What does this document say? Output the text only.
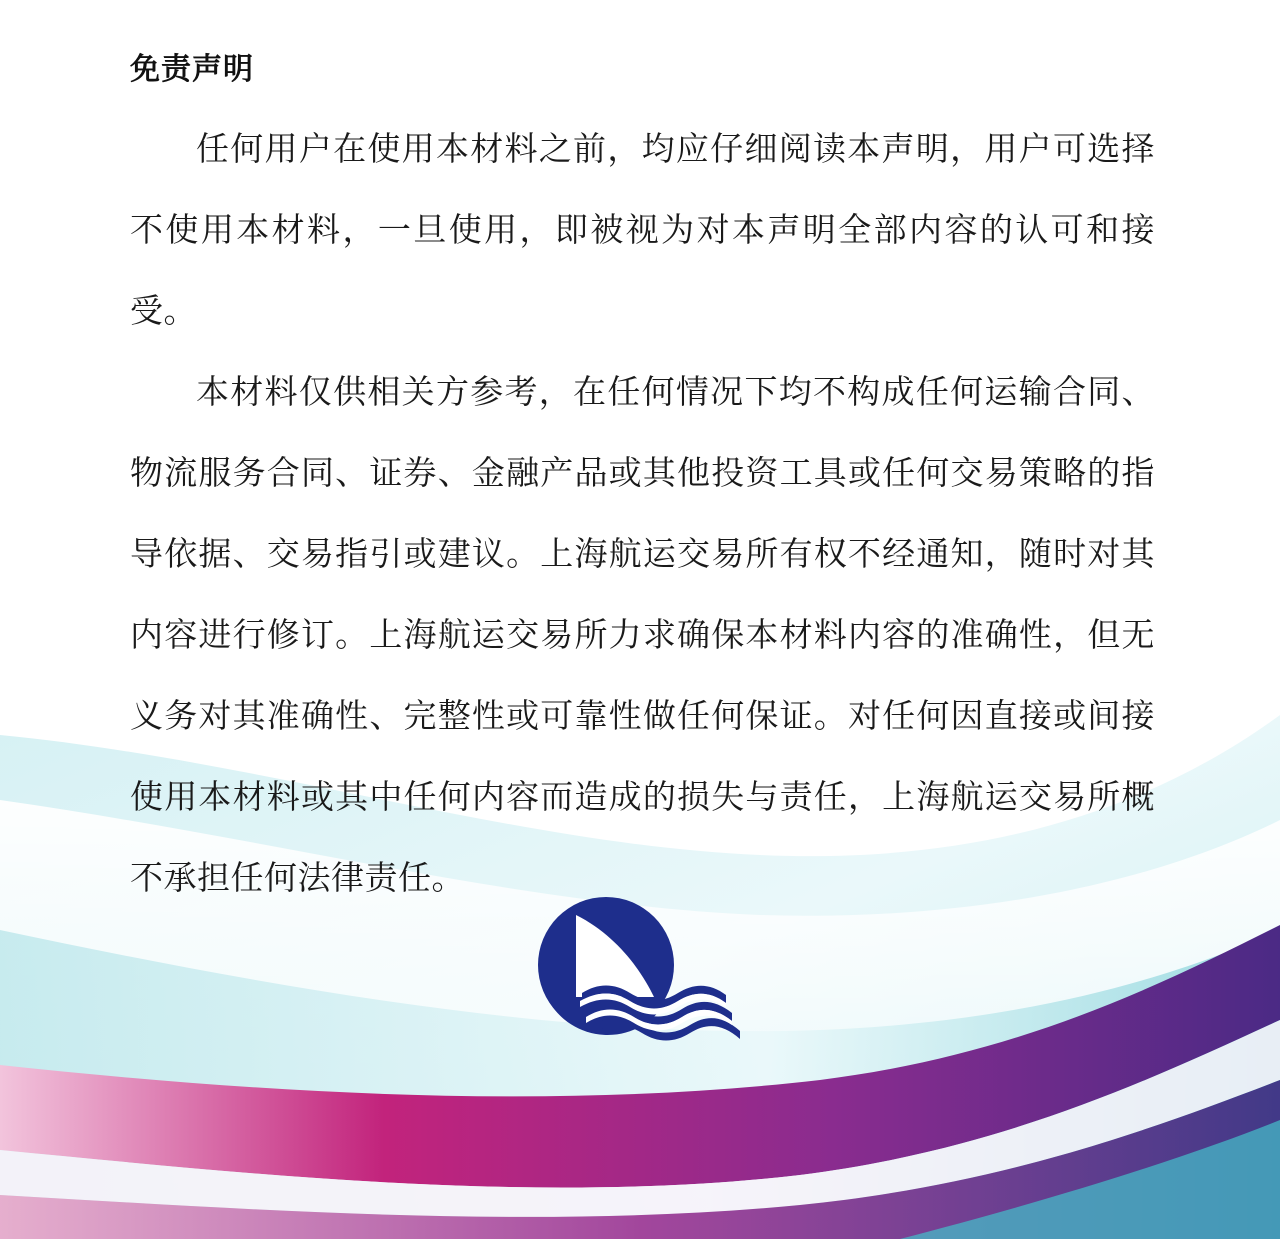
免责声明

任何用户在使用本材料之前，均应仔细阅读本声明，用户可选择不使用本材料，一旦使用，即被视为对本声明全部内容的认可和接受。

本材料仅供相关方参考，在任何情况下均不构成任何运输合同、物流服务合同、证券、金融产品或其他投资工具或任何交易策略的指导依据、交易指引或建议。上海航运交易所有权不经通知，随时对其内容进行修订。上海航运交易所力求确保本材料内容的准确性，但无义务对其准确性、完整性或可靠性做任何保证。对任何因直接或间接使用本材料或其中任何内容而造成的损失与责任，上海航运交易所概不承担任何法律责任。
